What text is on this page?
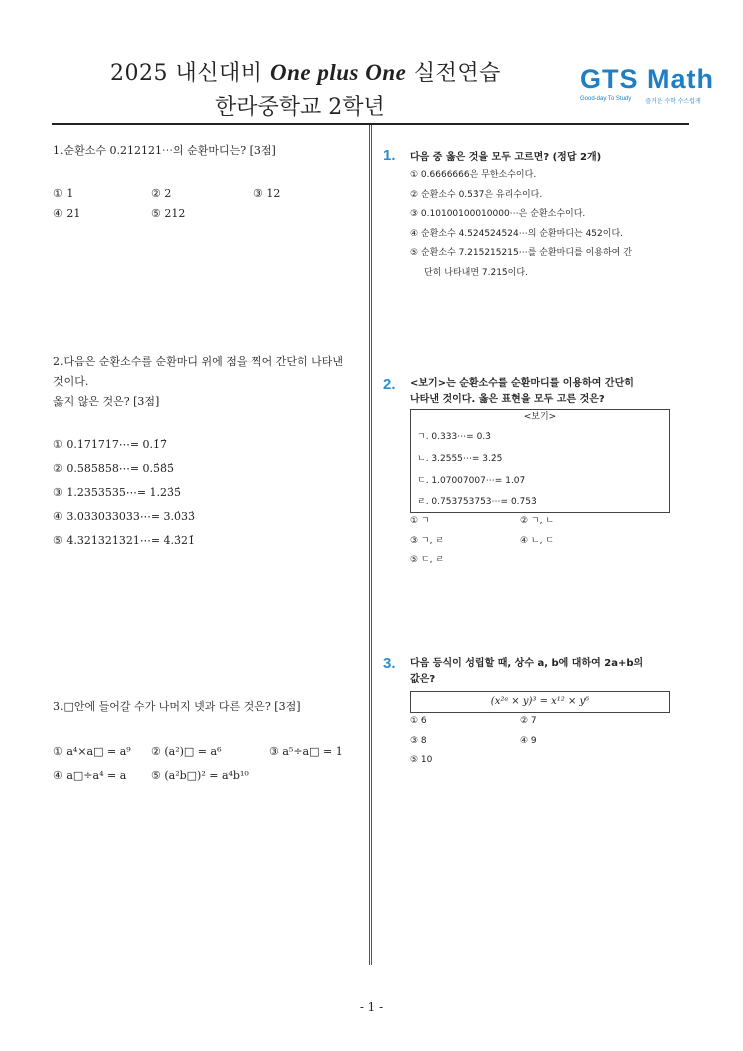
2025 내신대비 One plus One 실전연습
한라중학교 2학년
GTS Math
Good-day To Study 즐거운 수학 수스럽게
1.순환소수 0.212121⋯의 순환마디는? [3점]
① 1	② 2	③ 12
④ 21	⑤ 212
2.다음은 순환소수를 순환마디 위에 점을 찍어 간단히 나타낸
것이다.
옳지 않은 것은? [3점]
① 0.171717⋯= 0.1̇7̇
② 0.585858⋯= 0.5̇8̇5̇
③ 1.2353535⋯= 1.23̇5̇
④ 3.033033033⋯= 3.0̇33̇
⑤ 4.321321321⋯= 4.3̇21̇
3.□안에 들어갈 수가 나머지 넷과 다른 것은? [3점]
① a⁴×a□ = a⁹	② (a²)□ = a⁶	③ a⁵÷a□ = 1
④ a□÷a⁴ = a	⑤ (a²b□)² = a⁴b¹⁰
1. 다음 중 옳은 것을 모두 고르면? (정답 2개)
① 0.6666666은 무한소수이다.
② 순환소수 0.53̇7̇은 유리수이다.
③ 0.10100100010000⋯은 순환소수이다.
④ 순환소수 4.524524524⋯의 순환마디는 452이다.
⑤ 순환소수 7.215215215⋯를 순환마디를 이용하여 간
단히 나타내면 7.2̇15̇이다.
2. <보기>는 순환소수를 순환마디를 이용하여 간단히
나타낸 것이다. 옳은 표현을 모두 고른 것은?
<보기>
ㄱ. 0.333⋯= 0.3̇
ㄴ. 3.2555⋯= 3.2̇5̇
ㄷ. 1.07007007⋯= 1.07̇
ㄹ. 0.753753753⋯= 0.7̇53̇
① ㄱ	② ㄱ, ㄴ
③ ㄱ, ㄹ	④ ㄴ, ㄷ
⑤ ㄷ, ㄹ
3. 다음 등식이 성립할 때, 상수 a, b에 대하여 2a+b의
값은?
(x²ᵃ × y)³ = x¹² × y⁶
① 6	② 7
③ 8	④ 9
⑤ 10
- 1 -
